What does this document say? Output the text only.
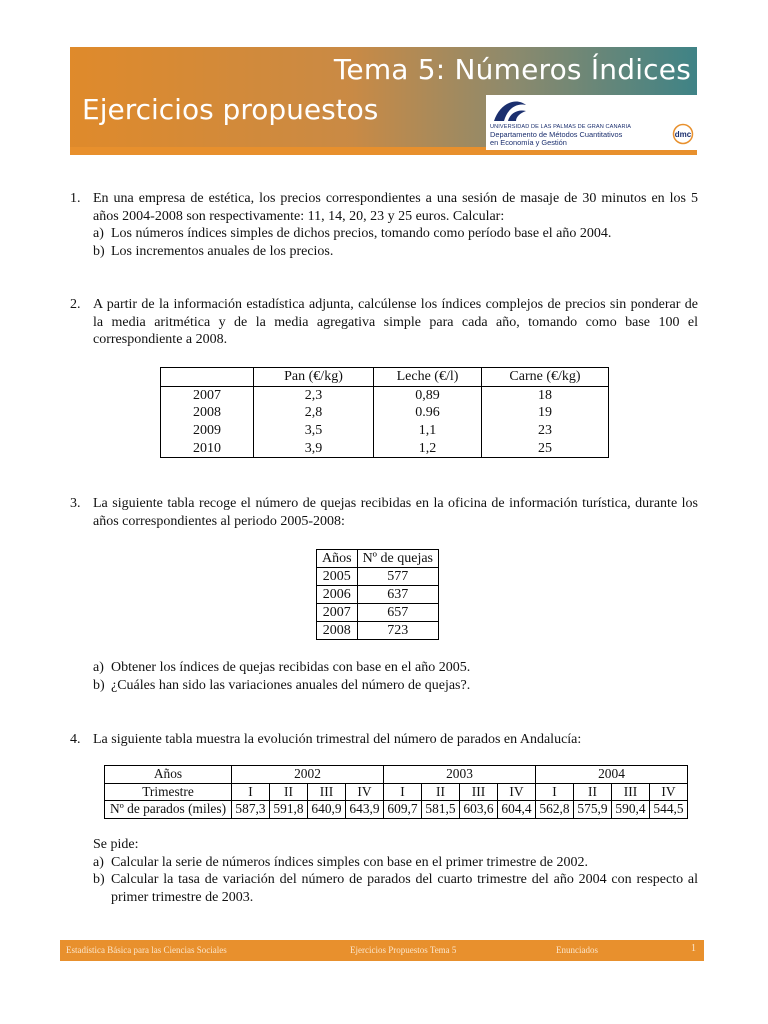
Tema 5: Números Índices
Ejercicios propuestos
UNIVERSIDAD DE LAS PALMAS DE GRAN CANARIA
Departamento de Métodos Cuantitativos
en Economía y Gestión
dmc
1. En una empresa de estética, los precios correspondientes a una sesión de masaje de 30 minutos en los 5 años 2004-2008 son respectivamente: 11, 14, 20, 23 y 25 euros. Calcular:
a) Los números índices simples de dichos precios, tomando como período base el año 2004.
b) Los incrementos anuales de los precios.
2. A partir de la información estadística adjunta, calcúlense los índices complejos de precios sin ponderar de la media aritmética y de la media agregativa simple para cada año, tomando como base 100 el correspondiente a 2008.
	Pan (€/kg)	Leche (€/l)	Carne (€/kg)
2007	2,3	0,89	18
2008	2,8	0.96	19
2009	3,5	1,1	23
2010	3,9	1,2	25
3. La siguiente tabla recoge el número de quejas recibidas en la oficina de información turística, durante los años correspondientes al periodo 2005-2008:
Años	Nº de quejas
2005	577
2006	637
2007	657
2008	723
a) Obtener los índices de quejas recibidas con base en el año 2005.
b) ¿Cuáles han sido las variaciones anuales del número de quejas?.
4. La siguiente tabla muestra la evolución trimestral del número de parados en Andalucía:
Años	2002				2003				2004			
Trimestre	I	II	III	IV	I	II	III	IV	I	II	III	IV
Nº de parados (miles)	587,3	591,8	640,9	643,9	609,7	581,5	603,6	604,4	562,8	575,9	590,4	544,5
Se pide:
a) Calcular la serie de números índices simples con base en el primer trimestre de 2002.
b) Calcular la tasa de variación del número de parados del cuarto trimestre del año 2004 con respecto al primer trimestre de 2003.
Estadística Básica para las Ciencias Sociales	Ejercicios Propuestos Tema 5	Enunciados	1
